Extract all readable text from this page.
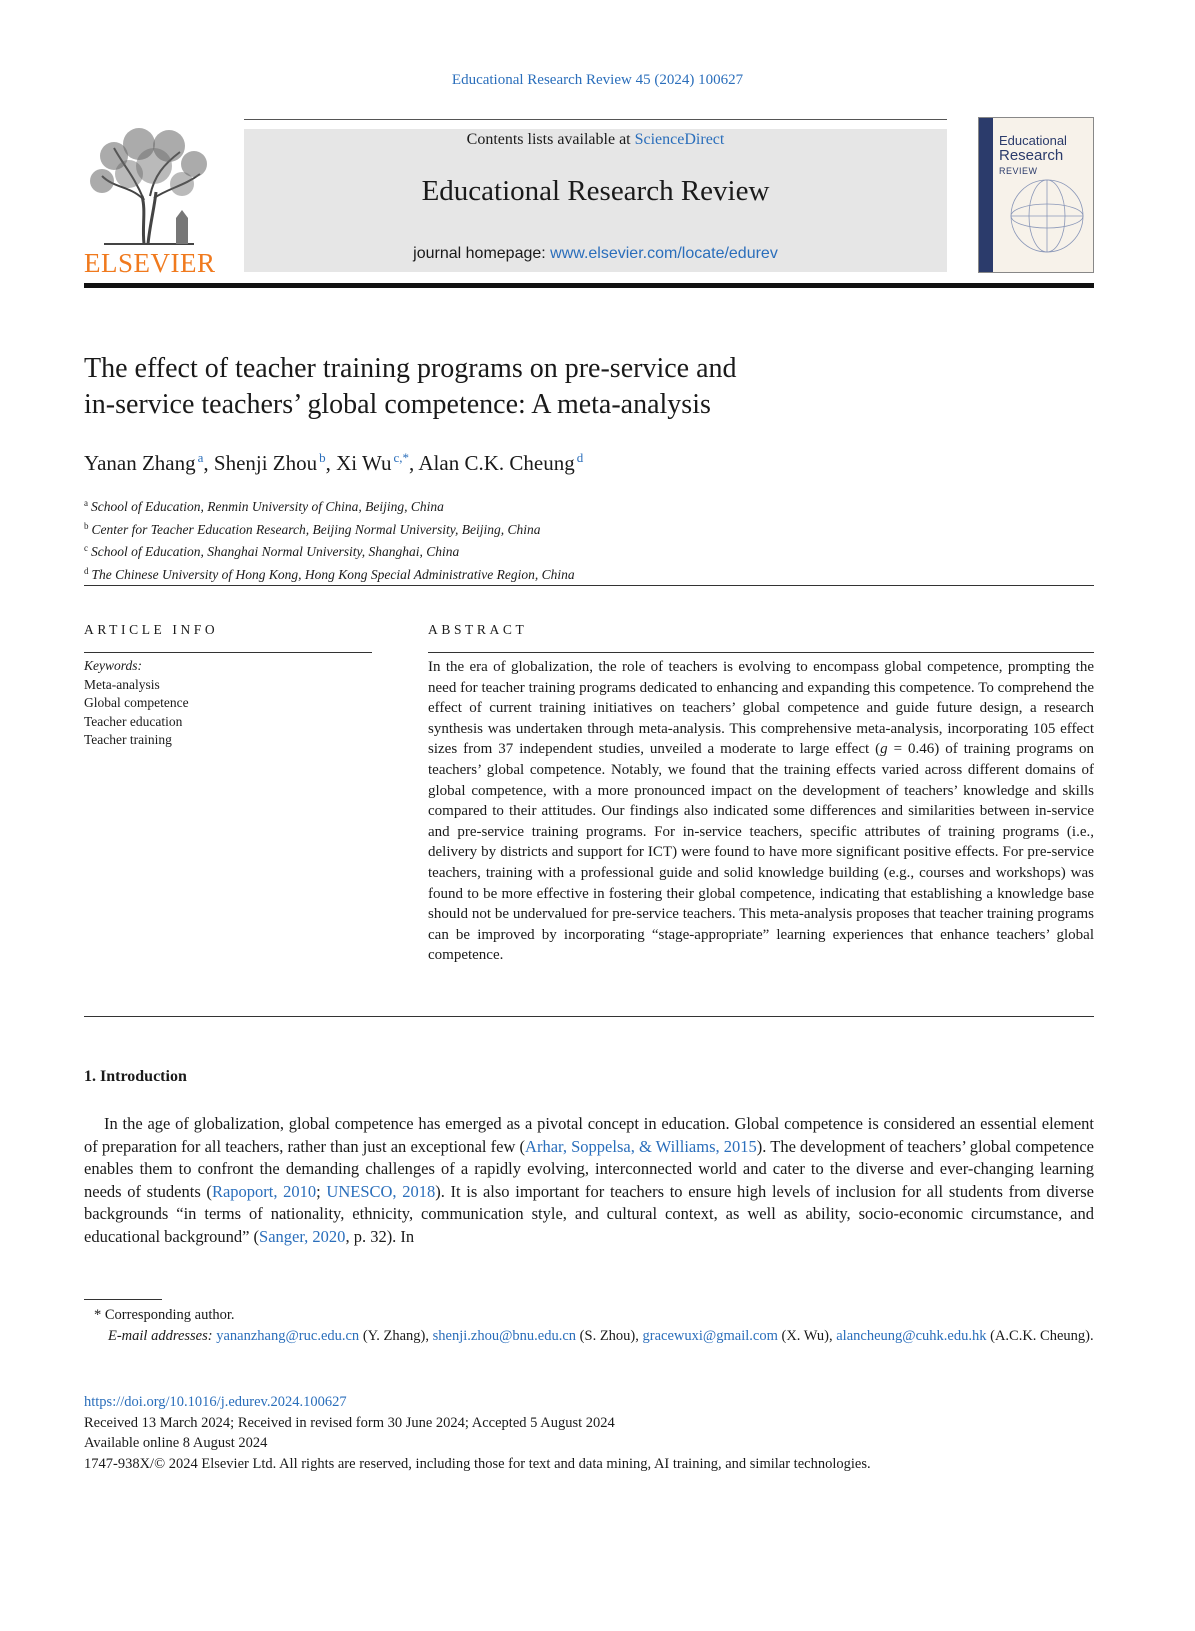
Educational Research Review 45 (2024) 100627
ELSEVIER
Contents lists available at ScienceDirect
Educational Research Review
journal homepage: www.elsevier.com/locate/edurev
Educational
Research
REVIEW
The effect of teacher training programs on pre-service and
in-service teachers’ global competence: A meta-analysis
Yanan Zhang $^a$, Shenji Zhou $^b$, Xi Wu $^{c,*}$, Alan C.K. Cheung $^d$
$^a$ School of Education, Renmin University of China, Beijing, China
$^b$ Center for Teacher Education Research, Beijing Normal University, Beijing, China
$^c$ School of Education, Shanghai Normal University, Shanghai, China
$^d$ The Chinese University of Hong Kong, Hong Kong Special Administrative Region, China
ARTICLE INFO
Keywords:
Meta-analysis
Global competence
Teacher education
Teacher training
ABSTRACT
In the era of globalization, the role of teachers is evolving to encompass global competence, prompting the need for teacher training programs dedicated to enhancing and expanding this competence. To comprehend the effect of current training initiatives on teachers’ global competence and guide future design, a research synthesis was undertaken through meta-analysis. This comprehensive meta-analysis, incorporating 105 effect sizes from 37 independent studies, unveiled a moderate to large effect (g = 0.46) of training programs on teachers’ global competence. Notably, we found that the training effects varied across different domains of global competence, with a more pronounced impact on the development of teachers’ knowledge and skills compared to their attitudes. Our findings also indicated some differences and similarities between in-service and pre-service training programs. For in-service teachers, specific attributes of training programs (i.e., delivery by districts and support for ICT) were found to have more significant positive effects. For pre-service teachers, training with a professional guide and solid knowledge building (e.g., courses and workshops) was found to be more effective in fostering their global competence, indicating that establishing a knowledge base should not be undervalued for pre-service teachers. This meta-analysis proposes that teacher training programs can be improved by incorporating “stage-appropriate” learning experiences that enhance teachers’ global competence.
1. Introduction
In the age of globalization, global competence has emerged as a pivotal concept in education. Global competence is considered an essential element of preparation for all teachers, rather than just an exceptional few (Arhar, Soppelsa, & Williams, 2015). The development of teachers’ global competence enables them to confront the demanding challenges of a rapidly evolving, interconnected world and cater to the diverse and ever-changing learning needs of students (Rapoport, 2010; UNESCO, 2018). It is also important for teachers to ensure high levels of inclusion for all students from diverse backgrounds “in terms of nationality, ethnicity, communication style, and cultural context, as well as ability, socio-economic circumstance, and educational background” (Sanger, 2020, p. 32). In
* Corresponding author.
E-mail addresses: yananzhang@ruc.edu.cn (Y. Zhang), shenji.zhou@bnu.edu.cn (S. Zhou), gracewuxi@gmail.com (X. Wu), alancheung@cuhk.edu.hk (A.C.K. Cheung).
https://doi.org/10.1016/j.edurev.2024.100627
Received 13 March 2024; Received in revised form 30 June 2024; Accepted 5 August 2024
Available online 8 August 2024
1747-938X/© 2024 Elsevier Ltd. All rights are reserved, including those for text and data mining, AI training, and similar technologies.
